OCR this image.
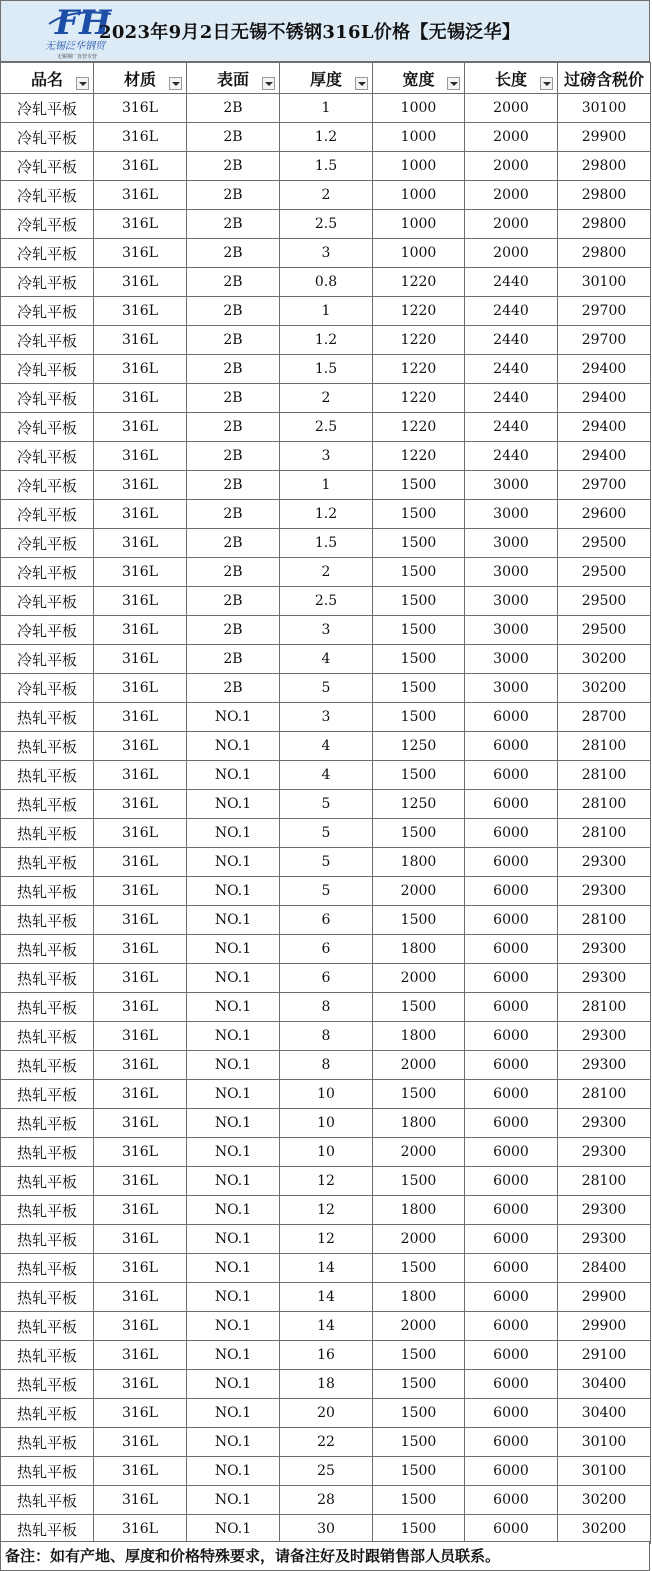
FH
无锡泛华钢贸
无锡钢厂直营专营
2023年9月2日无锡不锈钢316L价格【无锡泛华】
品名	材质	表面	厚度	宽度	长度	过磅含税价
冷轧平板	316L	2B	1	1000	2000	30100
冷轧平板	316L	2B	1.2	1000	2000	29900
冷轧平板	316L	2B	1.5	1000	2000	29800
冷轧平板	316L	2B	2	1000	2000	29800
冷轧平板	316L	2B	2.5	1000	2000	29800
冷轧平板	316L	2B	3	1000	2000	29800
冷轧平板	316L	2B	0.8	1220	2440	30100
冷轧平板	316L	2B	1	1220	2440	29700
冷轧平板	316L	2B	1.2	1220	2440	29700
冷轧平板	316L	2B	1.5	1220	2440	29400
冷轧平板	316L	2B	2	1220	2440	29400
冷轧平板	316L	2B	2.5	1220	2440	29400
冷轧平板	316L	2B	3	1220	2440	29400
冷轧平板	316L	2B	1	1500	3000	29700
冷轧平板	316L	2B	1.2	1500	3000	29600
冷轧平板	316L	2B	1.5	1500	3000	29500
冷轧平板	316L	2B	2	1500	3000	29500
冷轧平板	316L	2B	2.5	1500	3000	29500
冷轧平板	316L	2B	3	1500	3000	29500
冷轧平板	316L	2B	4	1500	3000	30200
冷轧平板	316L	2B	5	1500	3000	30200
热轧平板	316L	NO.1	3	1500	6000	28700
热轧平板	316L	NO.1	4	1250	6000	28100
热轧平板	316L	NO.1	4	1500	6000	28100
热轧平板	316L	NO.1	5	1250	6000	28100
热轧平板	316L	NO.1	5	1500	6000	28100
热轧平板	316L	NO.1	5	1800	6000	29300
热轧平板	316L	NO.1	5	2000	6000	29300
热轧平板	316L	NO.1	6	1500	6000	28100
热轧平板	316L	NO.1	6	1800	6000	29300
热轧平板	316L	NO.1	6	2000	6000	29300
热轧平板	316L	NO.1	8	1500	6000	28100
热轧平板	316L	NO.1	8	1800	6000	29300
热轧平板	316L	NO.1	8	2000	6000	29300
热轧平板	316L	NO.1	10	1500	6000	28100
热轧平板	316L	NO.1	10	1800	6000	29300
热轧平板	316L	NO.1	10	2000	6000	29300
热轧平板	316L	NO.1	12	1500	6000	28100
热轧平板	316L	NO.1	12	1800	6000	29300
热轧平板	316L	NO.1	12	2000	6000	29300
热轧平板	316L	NO.1	14	1500	6000	28400
热轧平板	316L	NO.1	14	1800	6000	29900
热轧平板	316L	NO.1	14	2000	6000	29900
热轧平板	316L	NO.1	16	1500	6000	29100
热轧平板	316L	NO.1	18	1500	6000	30400
热轧平板	316L	NO.1	20	1500	6000	30400
热轧平板	316L	NO.1	22	1500	6000	30100
热轧平板	316L	NO.1	25	1500	6000	30100
热轧平板	316L	NO.1	28	1500	6000	30200
热轧平板	316L	NO.1	30	1500	6000	30200
备注：如有产地、厚度和价格特殊要求，请备注好及时跟销售部人员联系。
